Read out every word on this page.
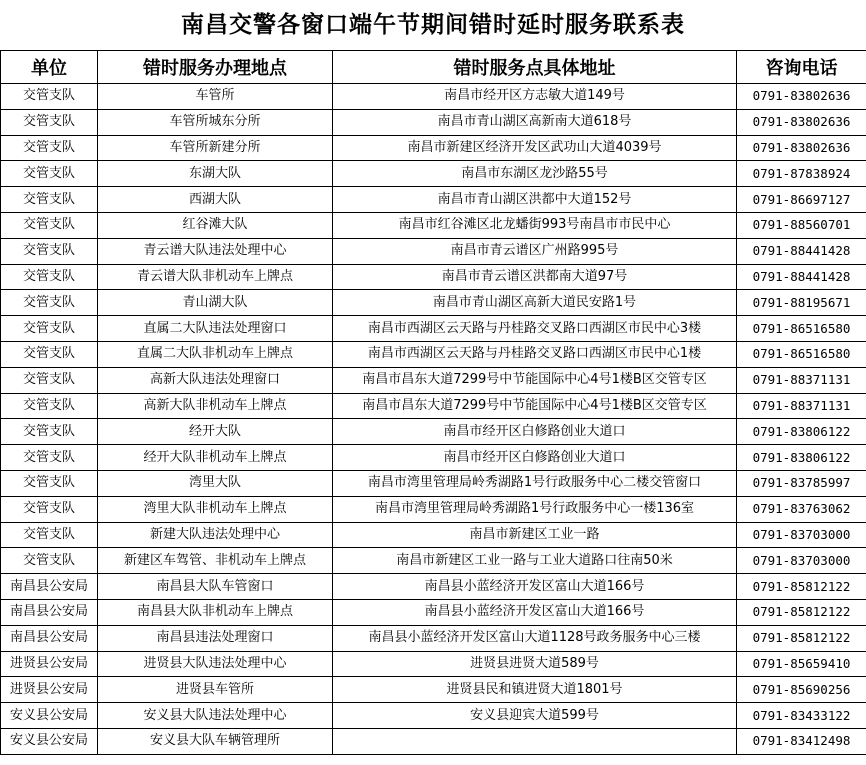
南昌交警各窗口端午节期间错时延时服务联系表
单位	错时服务办理地点	错时服务点具体地址	咨询电话
交管支队	车管所	南昌市经开区方志敏大道149号	0791-83802636
交管支队	车管所城东分所	南昌市青山湖区高新南大道618号	0791-83802636
交管支队	车管所新建分所	南昌市新建区经济开发区武功山大道4039号	0791-83802636
交管支队	东湖大队	南昌市东湖区龙沙路55号	0791-87838924
交管支队	西湖大队	南昌市青山湖区洪都中大道152号	0791-86697127
交管支队	红谷滩大队	南昌市红谷滩区北龙蟠街993号南昌市市民中心	0791-88560701
交管支队	青云谱大队违法处理中心	南昌市青云谱区广州路995号	0791-88441428
交管支队	青云谱大队非机动车上牌点	南昌市青云谱区洪都南大道97号	0791-88441428
交管支队	青山湖大队	南昌市青山湖区高新大道民安路1号	0791-88195671
交管支队	直属二大队违法处理窗口	南昌市西湖区云天路与丹桂路交叉路口西湖区市民中心3楼	0791-86516580
交管支队	直属二大队非机动车上牌点	南昌市西湖区云天路与丹桂路交叉路口西湖区市民中心1楼	0791-86516580
交管支队	高新大队违法处理窗口	南昌市昌东大道7299号中节能国际中心4号1楼B区交管专区	0791-88371131
交管支队	高新大队非机动车上牌点	南昌市昌东大道7299号中节能国际中心4号1楼B区交管专区	0791-88371131
交管支队	经开大队	南昌市经开区白修路创业大道口	0791-83806122
交管支队	经开大队非机动车上牌点	南昌市经开区白修路创业大道口	0791-83806122
交管支队	湾里大队	南昌市湾里管理局岭秀湖路1号行政服务中心二楼交管窗口	0791-83785997
交管支队	湾里大队非机动车上牌点	南昌市湾里管理局岭秀湖路1号行政服务中心一楼136室	0791-83763062
交管支队	新建大队违法处理中心	南昌市新建区工业一路	0791-83703000
交管支队	新建区车驾管、非机动车上牌点	南昌市新建区工业一路与工业大道路口往南50米	0791-83703000
南昌县公安局	南昌县大队车管窗口	南昌县小蓝经济开发区富山大道166号	0791-85812122
南昌县公安局	南昌县大队非机动车上牌点	南昌县小蓝经济开发区富山大道166号	0791-85812122
南昌县公安局	南昌县违法处理窗口	南昌县小蓝经济开发区富山大道1128号政务服务中心三楼	0791-85812122
进贤县公安局	进贤县大队违法处理中心	进贤县进贤大道589号	0791-85659410
进贤县公安局	进贤县车管所	进贤县民和镇进贤大道1801号	0791-85690256
安义县公安局	安义县大队违法处理中心	安义县迎宾大道599号	0791-83433122
安义县公安局	安义县大队车辆管理所		0791-83412498
